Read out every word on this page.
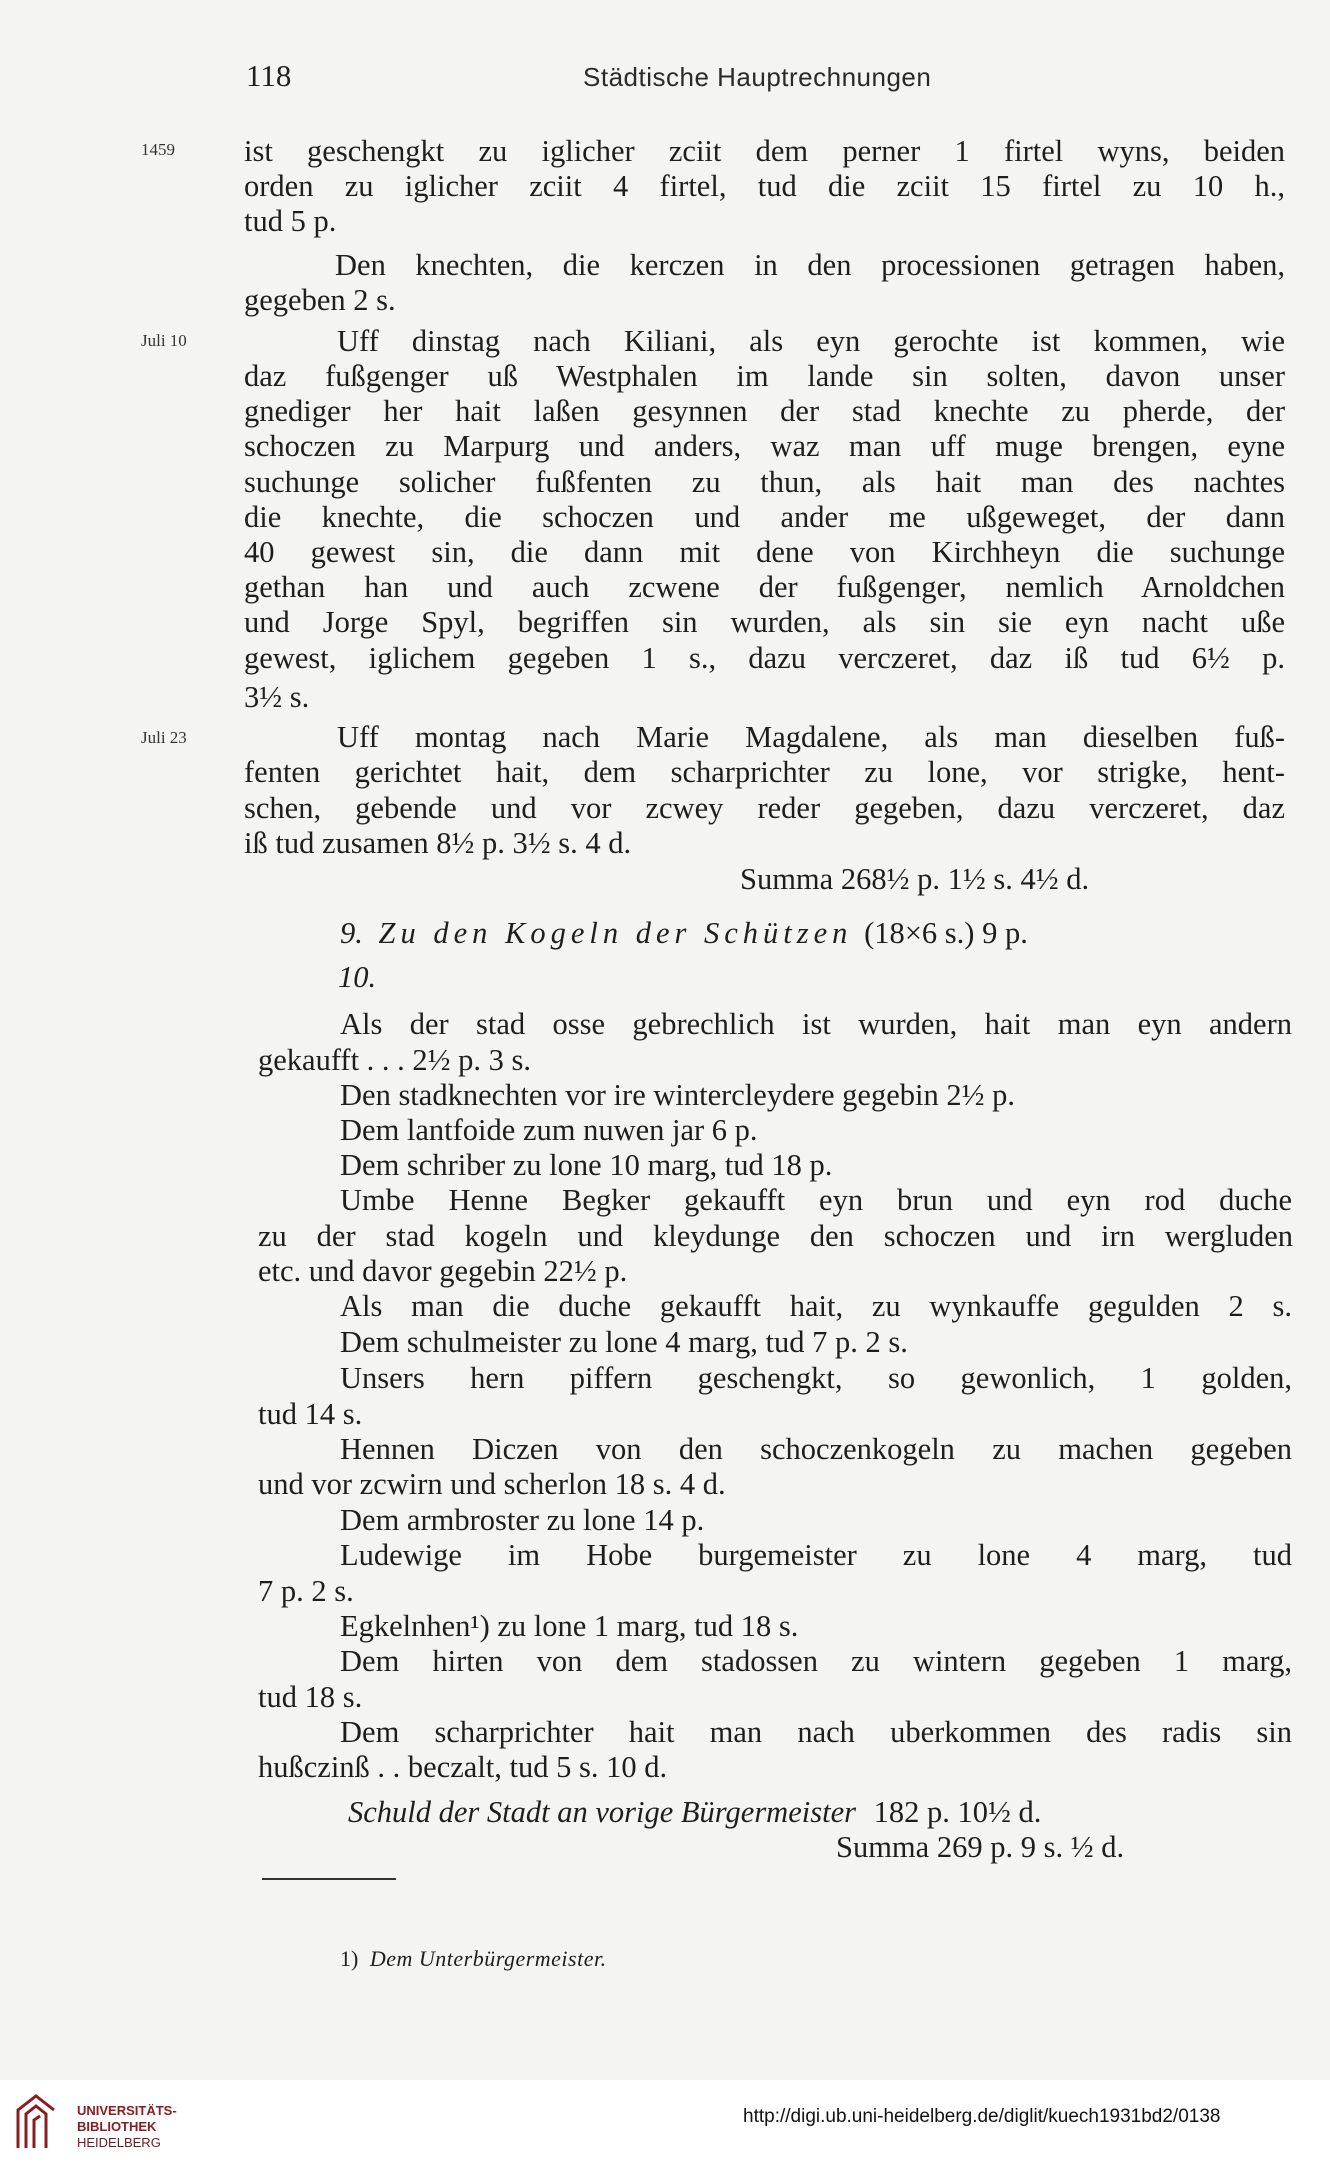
118	Städtische Hauptrechnungen
1459
Juli 10
Juli 23
ist geschengkt zu iglicher zciit dem perner 1 firtel wyns, beiden
orden zu iglicher zciit 4 firtel, tud die zciit 15 firtel zu 10 h.,
tud 5 p.
Den knechten, die kerczen in den processionen getragen haben,
gegeben 2 s.
Uff dinstag nach Kiliani, als eyn gerochte ist kommen, wie
daz fußgenger uß Westphalen im lande sin solten, davon unser
gnediger her hait laßen gesynnen der stad knechte zu pherde, der
schoczen zu Marpurg und anders, waz man uff muge brengen, eyne
suchunge solicher fußfenten zu thun, als hait man des nachtes
die knechte, die schoczen und ander me ußgeweget, der dann
40 gewest sin, die dann mit dene von Kirchheyn die suchunge
gethan han und auch zcwene der fußgenger, nemlich Arnoldchen
und Jorge Spyl, begriffen sin wurden, als sin sie eyn nacht uße
gewest, iglichem gegeben 1 s., dazu verczeret, daz iß tud 6½ p.
3½ s.
Uff montag nach Marie Magdalene, als man dieselben fuß-
fenten gerichtet hait, dem scharprichter zu lone, vor strigke, hent-
schen, gebende und vor zcwey reder gegeben, dazu verczeret, daz
iß tud zusamen 8½ p. 3½ s. 4 d.
Summa 268½ p. 1½ s. 4½ d.
9. Zu den Kogeln der Schützen (18×6 s.) 9 p.
10.
Als der stad osse gebrechlich ist wurden, hait man eyn andern
gekaufft . . . 2½ p. 3 s.
Den stadknechten vor ire wintercleydere gegebin 2½ p.
Dem lantfoide zum nuwen jar 6 p.
Dem schriber zu lone 10 marg, tud 18 p.
Umbe Henne Begker gekaufft eyn brun und eyn rod duche
zu der stad kogeln und kleydunge den schoczen und irn wergluden
etc. und davor gegebin 22½ p.
Als man die duche gekaufft hait, zu wynkauffe gegulden 2 s.
Dem schulmeister zu lone 4 marg, tud 7 p. 2 s.
Unsers hern piffern geschengkt, so gewonlich, 1 golden,
tud 14 s.
Hennen Diczen von den schoczenkogeln zu machen gegeben
und vor zcwirn und scherlon 18 s. 4 d.
Dem armbroster zu lone 14 p.
Ludewige im Hobe burgemeister zu lone 4 marg, tud
7 p. 2 s.
Egkelnhen¹) zu lone 1 marg, tud 18 s.
Dem hirten von dem stadossen zu wintern gegeben 1 marg,
tud 18 s.
Dem scharprichter hait man nach uberkommen des radis sin
hußczinß . . beczalt, tud 5 s. 10 d.
Schuld der Stadt an vorige Bürgermeister 182 p. 10½ d.
Summa 269 p. 9 s. ½ d.
1) Dem Unterbürgermeister.
UNIVERSITÄTS-
BIBLIOTHEK
HEIDELBERG
http://digi.ub.uni-heidelberg.de/diglit/kuech1931bd2/0138
